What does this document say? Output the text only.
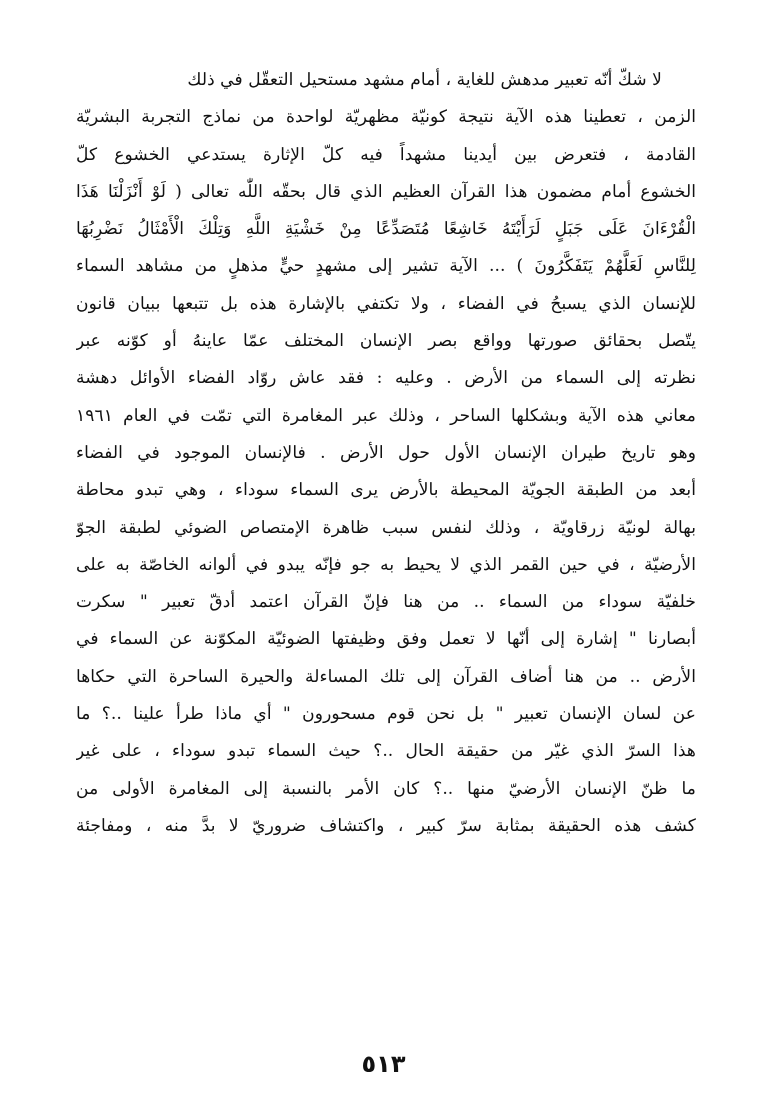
لا شكّ أنّه تعبير مدهش للغاية ، أمام مشهد مستحيل التعقّل في ذلك
الزمن ، تعطينا هذه الآية نتيجة كونيّة مظهريّة لواحدة من نماذج التجربة البشريّة
القادمة ، فتعرض بين أيدينا مشهداً فيه كلّ الإثارة يستدعي الخشوع كلّ
الخشوع أمام مضمون هذا القرآن العظيم الذي قال بحقّه اللّٰه تعالى ( لَوْ أَنْزَلْنَا هَذَا
الْقُرْءَانَ عَلَى جَبَلٍ لَرَأَيْتَهُ خَاشِعًا مُتَصَدِّعًا مِنْ خَشْيَةِ اللَّهِ وَتِلْكَ الْأَمْثَالُ نَضْرِبُهَا
لِلنَّاسِ لَعَلَّهُمْ يَتَفَكَّرُونَ ) ... الآية تشير إلى مشهدٍ حيٍّ مذهلٍ من مشاهد السماء
للإنسان الذي يسبحُ في الفضاء ، ولا تكتفي بالإشارة هذه بل تتبعها ببيان قانون
يتّصل بحقائق صورتها وواقع بصر الإنسان المختلف عمّا عاينهُ أو كوّنه عبر
نظرته إلى السماء من الأرض . وعليه : فقد عاش روّاد الفضاء الأوائل دهشة
معاني هذه الآية وبشكلها الساحر ، وذلك عبر المغامرة التي تمّت في العام ١٩٦١
وهو تاريخ طيران الإنسان الأول حول الأرض . فالإنسان الموجود في الفضاء
أبعد من الطبقة الجويّة المحيطة بالأرض يرى السماء سوداء ، وهي تبدو محاطة
بهالة لونيّة زرقاويّة ، وذلك لنفس سبب ظاهرة الإمتصاص الضوئي لطبقة الجوّ
الأرضيّة ، في حين القمر الذي لا يحيط به جو فإنّه يبدو في ألوانه الخاصّة به على
خلفيّة سوداء من السماء .. من هنا فإنّ القرآن اعتمد أدقّ تعبير " سكرت
أبصارنا " إشارة إلى أنّها لا تعمل وفق وظيفتها الضوئيّة المكوّنة عن السماء في
الأرض .. من هنا أضاف القرآن إلى تلك المساءلة والحيرة الساحرة التي حكاها
عن لسان الإنسان تعبير " بل نحن قوم مسحورون " أي ماذا طرأ علينا ..؟ ما
هذا السرّ الذي غيّر من حقيقة الحال ..؟ حيث السماء تبدو سوداء ، على غير
ما ظنّ الإنسان الأرضيّ منها ..؟ كان الأمر بالنسبة إلى المغامرة الأولى من
كشف هذه الحقيقة بمثابة سرّ كبير ، واكتشاف ضروريّ لا بدَّ منه ، ومفاجئة
٥١٣
